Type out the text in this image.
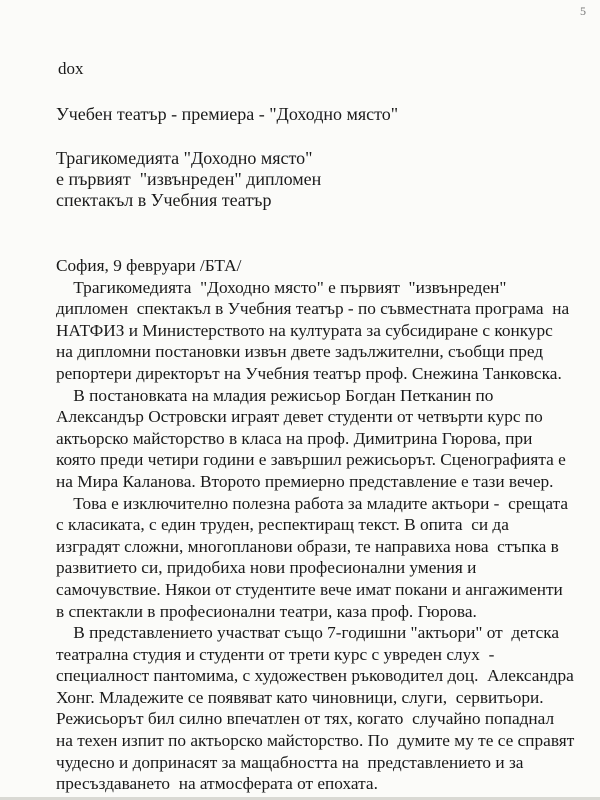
5
dox
Учебен театър - премиера - "Доходно място"
Трагикомедията "Доходно място"
е първият  "извънреден" дипломен
спектакъл в Учебния театър
София, 9 февруари /БТА/
Трагикомедията  "Доходно място" е първият  "извънреден"
дипломен  спектакъл в Учебния театър - по съвместната програма  на
НАТФИЗ и Министерството на културата за субсидиране с конкурс
на дипломни постановки извън двете задължителни, съобщи пред
репортери директорът на Учебния театър проф. Снежина Танковска.
В постановката на младия режисьор Богдан Петканин по
Александър Островски играят девет студенти от четвърти курс по
актьорско майсторство в класа на проф. Димитрина Гюрова, при
която преди четири години е завършил режисьорът. Сценографията е
на Мира Каланова. Второто премиерно представление е тази вечер.
Това е изключително полезна работа за младите актьори -  срещата
с класиката, с един труден, респектиращ текст. В опита  си да
изградят сложни, многопланови образи, те направиха нова  стъпка в
развитието си, придобиха нови професионални умения и
самочувствие. Някои от студентите вече имат покани и ангажименти
в спектакли в професионални театри, каза проф. Гюрова.
В представлението участват също 7-годишни "актьори" от  детска
театрална студия и студенти от трети курс с увреден слух  -
специалност пантомима, с художествен ръководител доц.  Александра
Хонг. Младежите се появяват като чиновници, слуги,  сервитьори.
Режисьорът бил силно впечатлен от тях, когато  случайно попаднал
на техен изпит по актьорско майсторство. По  думите му те се справят
чудесно и допринасят за мащабността на  представлението и за
пресъздаването  на атмосферата от епохата.
